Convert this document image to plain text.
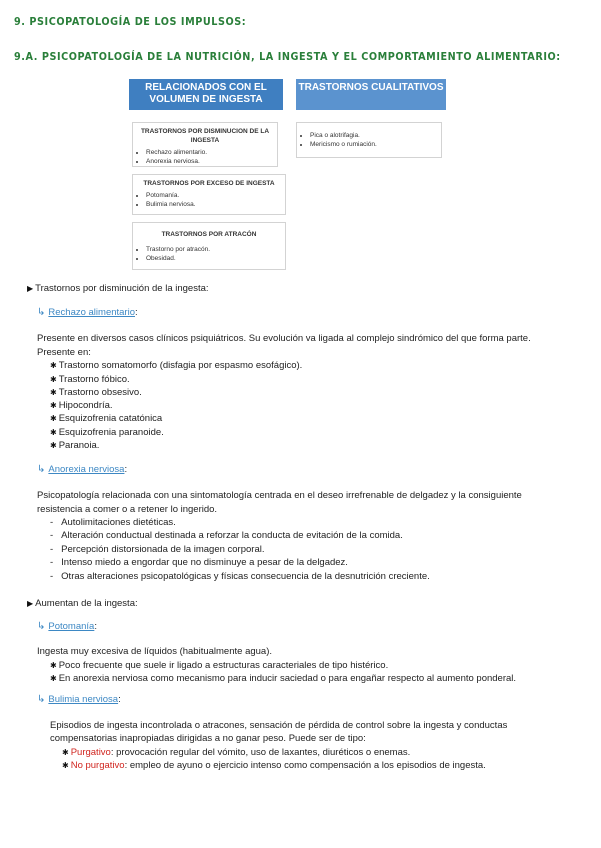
9. PSICOPATOLOGÍA DE LOS IMPULSOS:
9.A. PSICOPATOLOGÍA DE LA NUTRICIÓN, LA INGESTA Y EL COMPORTAMIENTO ALIMENTARIO:
RELACIONADOS CON EL VOLUMEN DE INGESTA
TRASTORNOS CUALITATIVOS
TRASTORNOS POR DISMINUCION DE LA INGESTA
• Rechazo alimentario.
• Anorexia nerviosa.
TRASTORNOS POR EXCESO DE INGESTA
• Potomanía.
• Bulimia nerviosa.
TRASTORNOS POR ATRACÓN
• Trastorno por atracón.
• Obesidad.
• Pica o alotrifagia.
• Mericismo o rumiación.
▶ Trastornos por disminución de la ingesta:
↳ Rechazo alimentario:
Presente en diversos casos clínicos psiquiátricos. Su evolución va ligada al complejo sindrómico del que forma parte.
Presente en:
✱ Trastorno somatomorfo (disfagia por espasmo esofágico).
✱ Trastorno fóbico.
✱ Trastorno obsesivo.
✱ Hipocondría.
✱ Esquizofrenia catatónica
✱ Esquizofrenia paranoide.
✱ Paranoia.
↳ Anorexia nerviosa:
Psicopatología relacionada con una sintomatología centrada en el deseo irrefrenable de delgadez y la consiguiente
resistencia a comer o a retener lo ingerido.
- Autolimitaciones dietéticas.
- Alteración conductual destinada a reforzar la conducta de evitación de la comida.
- Percepción distorsionada de la imagen corporal.
- Intenso miedo a engordar que no disminuye a pesar de la delgadez.
- Otras alteraciones psicopatológicas y físicas consecuencia de la desnutrición creciente.
▶ Aumentan de la ingesta:
↳ Potomanía:
Ingesta muy excesiva de líquidos (habitualmente agua).
✱ Poco frecuente que suele ir ligado a estructuras caracteriales de tipo histérico.
✱ En anorexia nerviosa como mecanismo para inducir saciedad o para engañar respecto al aumento ponderal.
↳ Bulimia nerviosa:
Episodios de ingesta incontrolada o atracones, sensación de pérdida de control sobre la ingesta y conductas
compensatorias inapropiadas dirigidas a no ganar peso. Puede ser de tipo:
✱ Purgativo: provocación regular del vómito, uso de laxantes, diuréticos o enemas.
✱ No purgativo: empleo de ayuno o ejercicio intenso como compensación a los episodios de ingesta.
